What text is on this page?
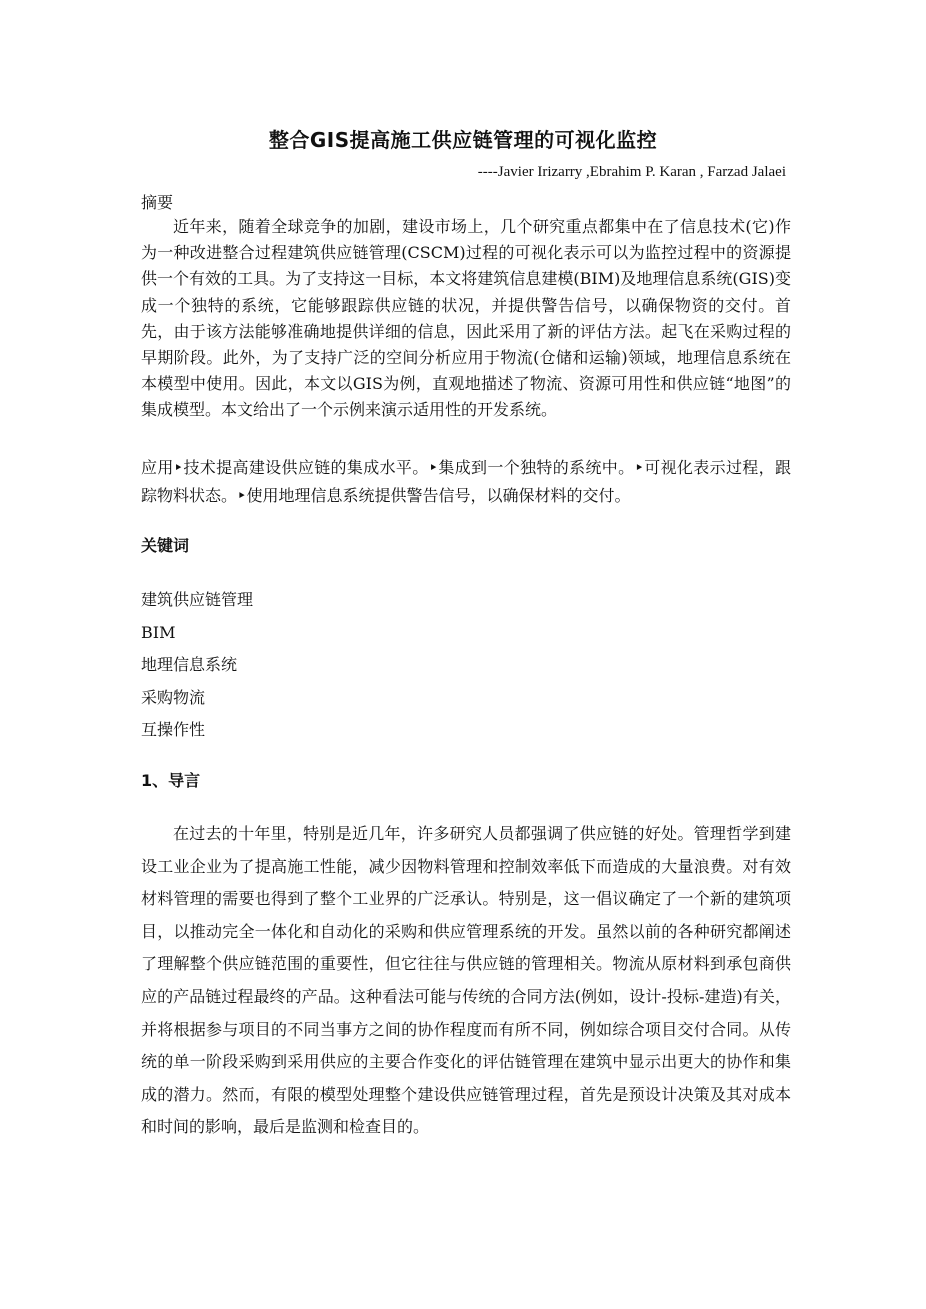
整合GIS提高施工供应链管理的可视化监控
----Javier Irizarry ,Ebrahim P. Karan , Farzad Jalaei
摘要
近年来，随着全球竞争的加剧，建设市场上，几个研究重点都集中在了信息技术(它)作为一种改进整合过程建筑供应链管理(CSCM)过程的可视化表示可以为监控过程中的资源提供一个有效的工具。为了支持这一目标，本文将建筑信息建模(BIM)及地理信息系统(GIS)变成一个独特的系统，它能够跟踪供应链的状况，并提供警告信号，以确保物资的交付。首先，由于该方法能够准确地提供详细的信息，因此采用了新的评估方法。起飞在采购过程的早期阶段。此外，为了支持广泛的空间分析应用于物流(仓储和运输)领域，地理信息系统在本模型中使用。因此，本文以GIS为例，直观地描述了物流、资源可用性和供应链“地图”的集成模型。本文给出了一个示例来演示适用性的开发系统。
应用‣技术提高建设供应链的集成水平。‣集成到一个独特的系统中。‣可视化表示过程，跟踪物料状态。‣使用地理信息系统提供警告信号，以确保材料的交付。
关键词
建筑供应链管理
BIM
地理信息系统
采购物流
互操作性
1、导言
在过去的十年里，特别是近几年，许多研究人员都强调了供应链的好处。管理哲学到建设工业企业为了提高施工性能，减少因物料管理和控制效率低下而造成的大量浪费。对有效材料管理的需要也得到了整个工业界的广泛承认。特别是，这一倡议确定了一个新的建筑项目，以推动完全一体化和自动化的采购和供应管理系统的开发。虽然以前的各种研究都阐述了理解整个供应链范围的重要性，但它往往与供应链的管理相关。物流从原材料到承包商供应的产品链过程最终的产品。这种看法可能与传统的合同方法(例如，设计-投标-建造)有关，并将根据参与项目的不同当事方之间的协作程度而有所不同，例如综合项目交付合同。从传统的单一阶段采购到采用供应的主要合作变化的评估链管理在建筑中显示出更大的协作和集成的潜力。然而，有限的模型处理整个建设供应链管理过程，首先是预设计决策及其对成本和时间的影响，最后是监测和检查目的。
